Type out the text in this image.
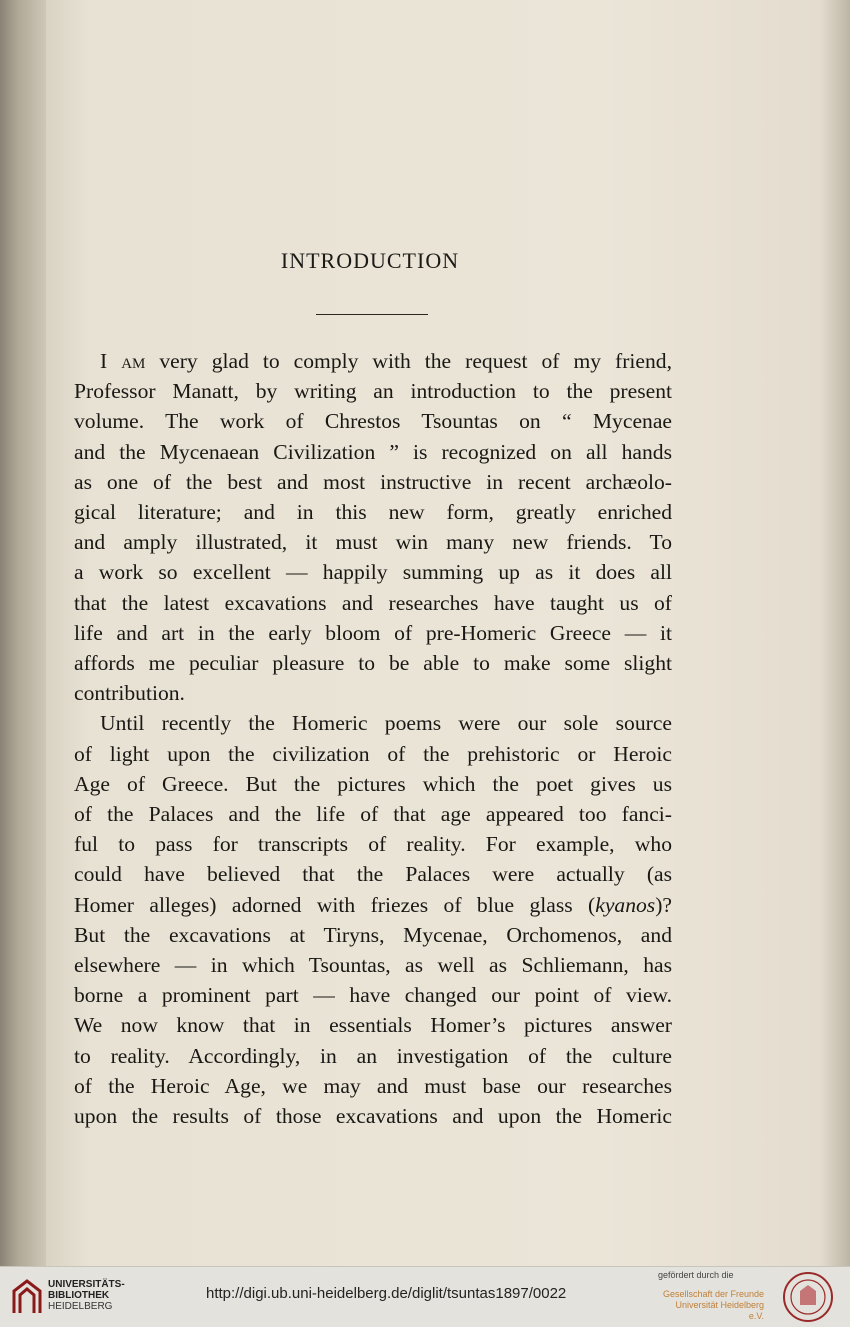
INTRODUCTION
I am very glad to comply with the request of my friend,
Professor Manatt, by writing an introduction to the present
volume. The work of Chrestos Tsountas on “ Mycenae
and the Mycenaean Civilization ” is recognized on all hands
as one of the best and most instructive in recent archæolo-
gical literature; and in this new form, greatly enriched
and amply illustrated, it must win many new friends. To
a work so excellent — happily summing up as it does all
that the latest excavations and researches have taught us of
life and art in the early bloom of pre-Homeric Greece — it
affords me peculiar pleasure to be able to make some slight
contribution.
Until recently the Homeric poems were our sole source
of light upon the civilization of the prehistoric or Heroic
Age of Greece. But the pictures which the poet gives us
of the Palaces and the life of that age appeared too fanci-
ful to pass for transcripts of reality. For example, who
could have believed that the Palaces were actually (as
Homer alleges) adorned with friezes of blue glass (kyanos)?
But the excavations at Tiryns, Mycenae, Orchomenos, and
elsewhere — in which Tsountas, as well as Schliemann, has
borne a prominent part — have changed our point of view.
We now know that in essentials Homer’s pictures answer
to reality. Accordingly, in an investigation of the culture
of the Heroic Age, we may and must base our researches
upon the results of those excavations and upon the Homeric
UNIVERSITÄTS-
BIBLIOTHEK
HEIDELBERG
http://digi.ub.uni-heidelberg.de/diglit/tsuntas1897/0022
gefördert durch die
Gesellschaft der Freunde
Universität Heidelberg e.V.
